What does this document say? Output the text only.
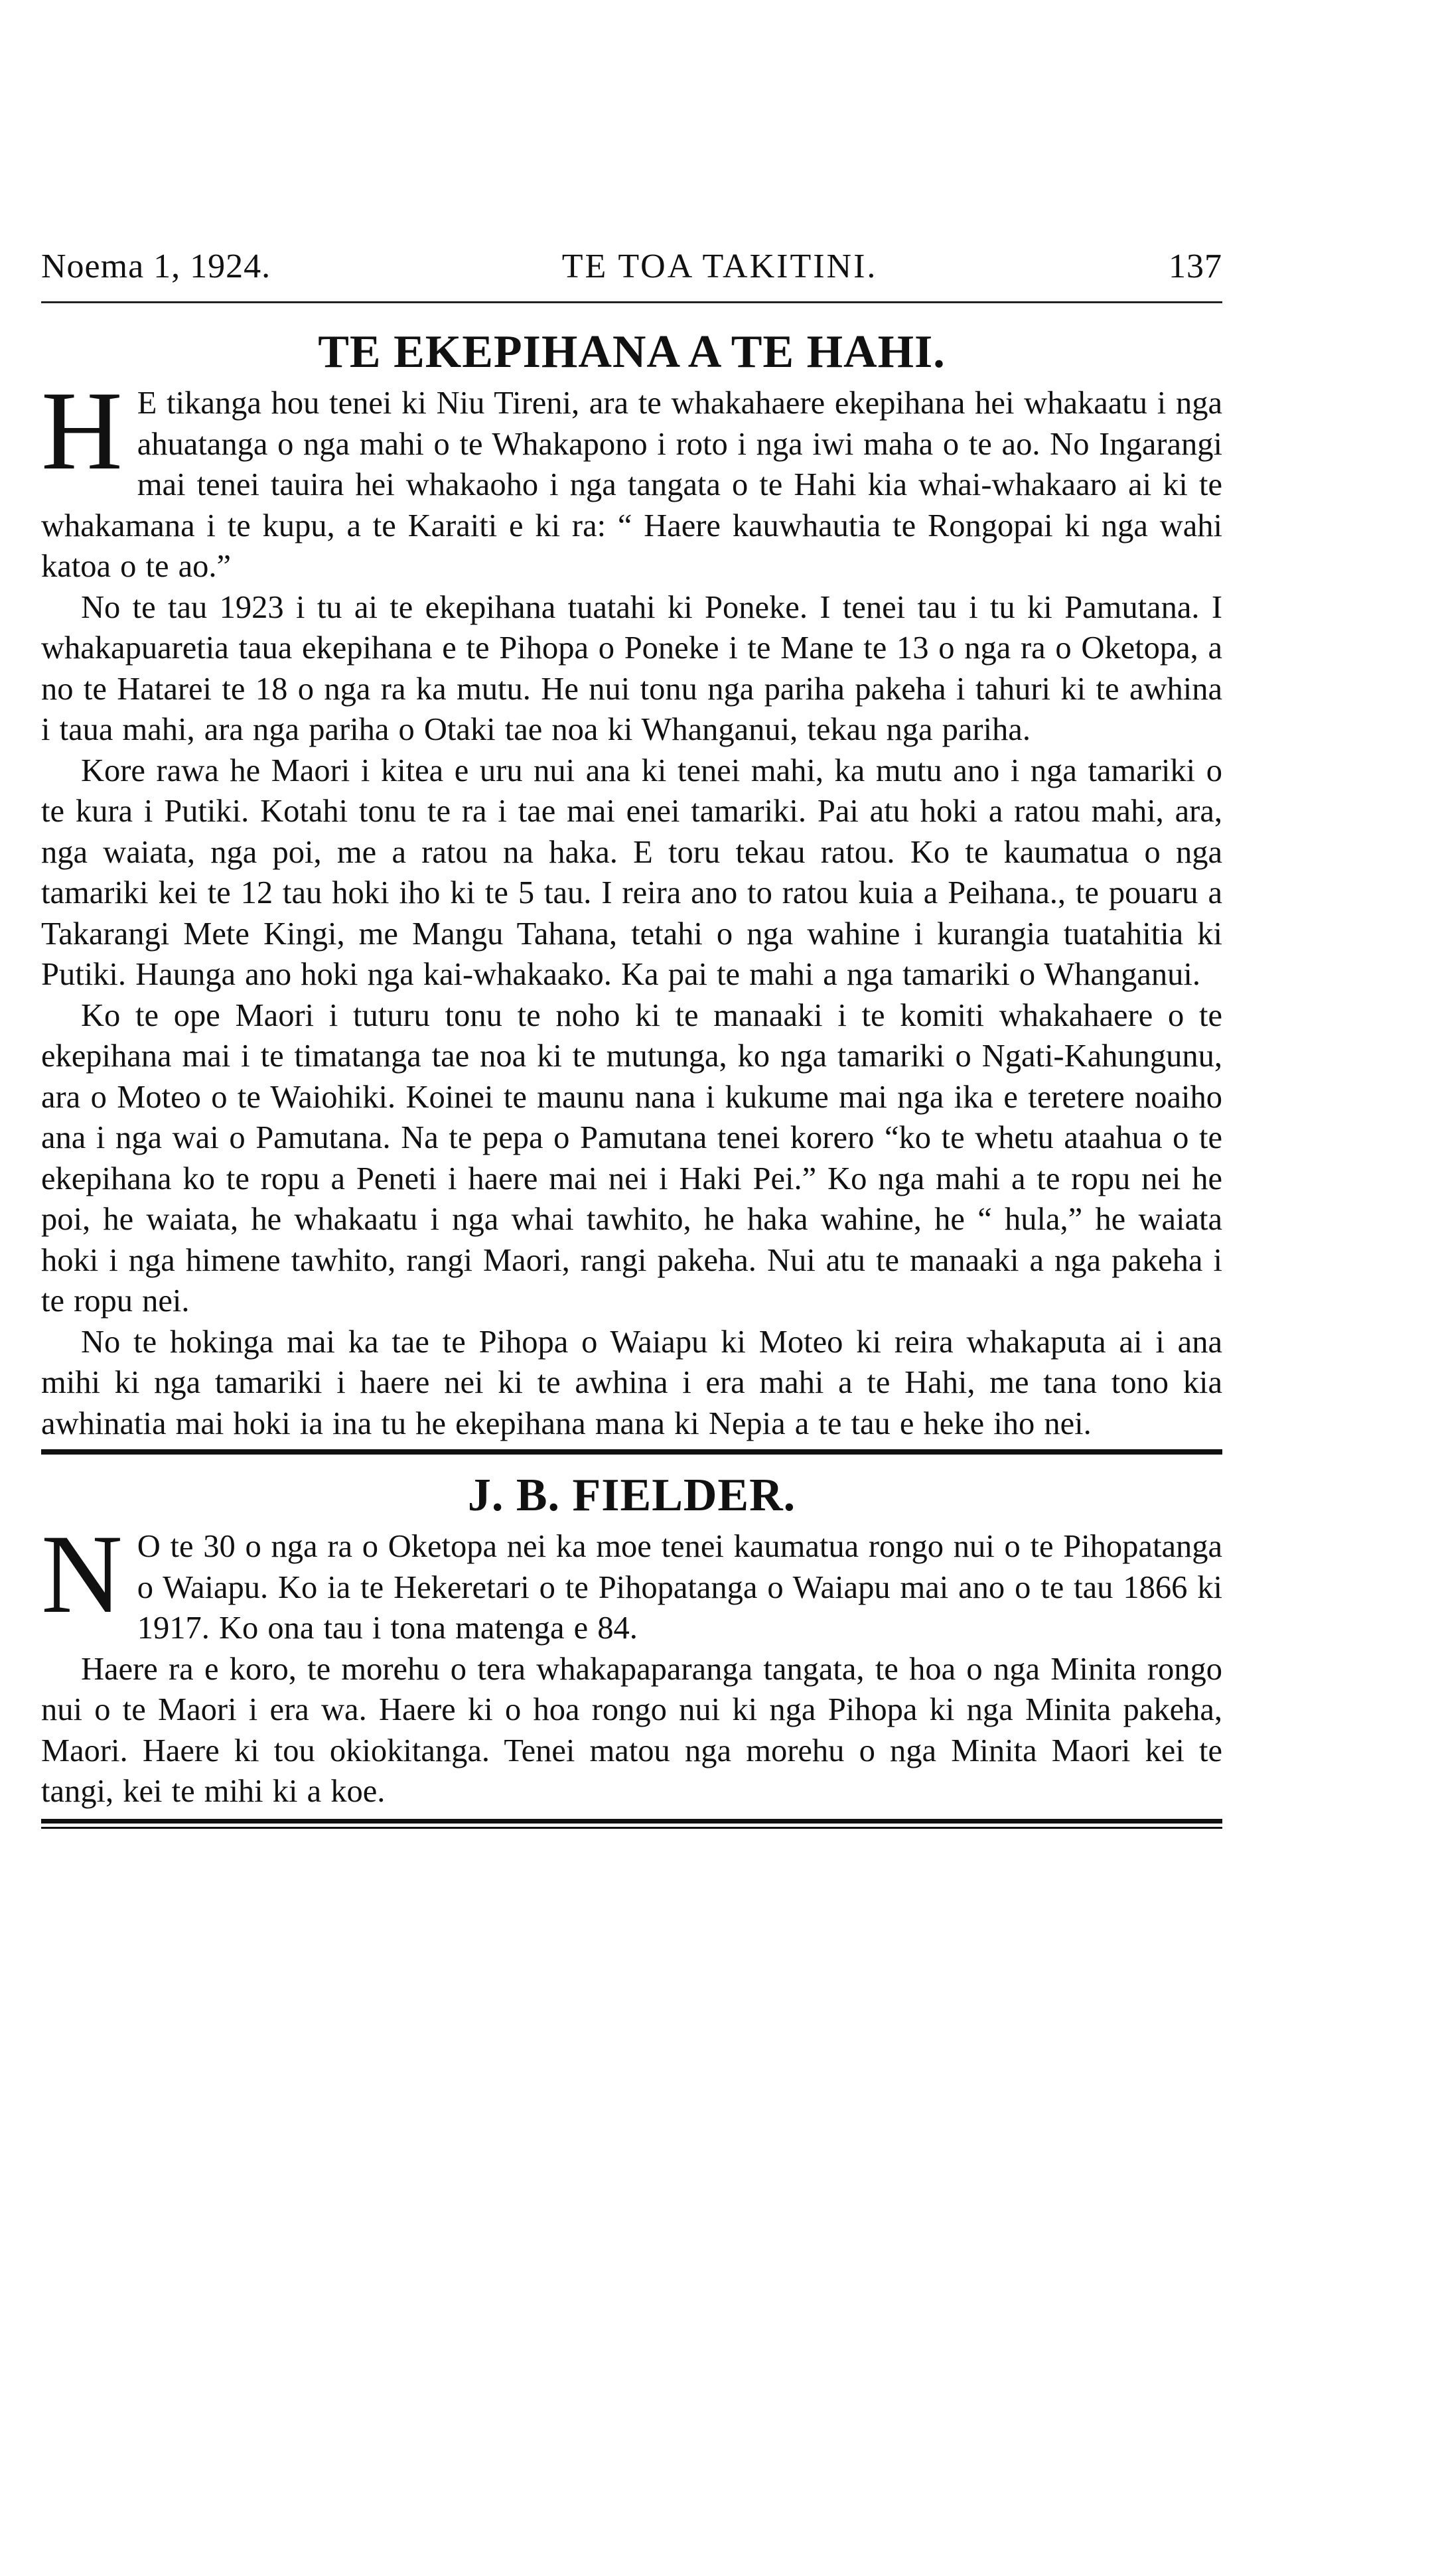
Noema 1, 1924.	TE TOA TAKITINI.	137
TE EKEPIHANA A TE HAHI.

H E tikanga hou tenei ki Niu Tireni, ara te whakahaere ekepihana hei whakaatu i nga ahuatanga o nga mahi o te Whakapono i roto i nga iwi maha o te ao. No Ingarangi mai tenei tauira hei whakaoho i nga tangata o te Hahi kia whai-whakaaro ai ki te whakamana i te kupu, a te Karaiti e ki ra: “ Haere kauwhautia te Rongopai ki nga wahi katoa o te ao.”

No te tau 1923 i tu ai te ekepihana tuatahi ki Poneke. I tenei tau i tu ki Pamutana. I whakapuaretia taua ekepihana e te Pihopa o Poneke i te Mane te 13 o nga ra o Oketopa, a no te Hatarei te 18 o nga ra ka mutu. He nui tonu nga pariha pakeha i tahuri ki te awhina i taua mahi, ara nga pariha o Otaki tae noa ki Whanganui, tekau nga pariha.

Kore rawa he Maori i kitea e uru nui ana ki tenei mahi, ka mutu ano i nga tamariki o te kura i Putiki. Kotahi tonu te ra i tae mai enei tamariki. Pai atu hoki a ratou mahi, ara, nga waiata, nga poi, me a ratou na haka. E toru tekau ratou. Ko te kaumatua o nga tamariki kei te 12 tau hoki iho ki te 5 tau. I reira ano to ratou kuia a Peihana., te pouaru a Takarangi Mete Kingi, me Mangu Tahana, tetahi o nga wahine i kurangia tuatahitia ki Putiki. Haunga ano hoki nga kai-whakaako. Ka pai te mahi a nga tamariki o Whanganui.

Ko te ope Maori i tuturu tonu te noho ki te manaaki i te komiti whakahaere o te ekepihana mai i te timatanga tae noa ki te mutunga, ko nga tamariki o Ngati-Kahungunu, ara o Moteo o te Waiohiki. Koinei te maunu nana i kukume mai nga ika e teretere noaiho ana i nga wai o Pamutana. Na te pepa o Pamutana tenei korero “ko te whetu ataahua o te ekepihana ko te ropu a Peneti i haere mai nei i Haki Pei.” Ko nga mahi a te ropu nei he poi, he waiata, he whakaatu i nga whai tawhito, he haka wahine, he “ hula,” he waiata hoki i nga himene tawhito, rangi Maori, rangi pakeha. Nui atu te manaaki a nga pakeha i te ropu nei.

No te hokinga mai ka tae te Pihopa o Waiapu ki Moteo ki reira whakaputa ai i ana mihi ki nga tamariki i haere nei ki te awhina i era mahi a te Hahi, me tana tono kia awhinatia mai hoki ia ina tu he ekepihana mana ki Nepia a te tau e heke iho nei.

J. B. FIELDER.

N O te 30 o nga ra o Oketopa nei ka moe tenei kaumatua rongo nui o te Pihopatanga o Waiapu. Ko ia te Hekeretari o te Pihopatanga o Waiapu mai ano o te tau 1866 ki 1917. Ko ona tau i tona matenga e 84.

Haere ra e koro, te morehu o tera whakapaparanga tangata, te hoa o nga Minita rongo nui o te Maori i era wa. Haere ki o hoa rongo nui ki nga Pihopa ki nga Minita pakeha, Maori. Haere ki tou okiokitanga. Tenei matou nga morehu o nga Minita Maori kei te tangi, kei te mihi ki a koe.
